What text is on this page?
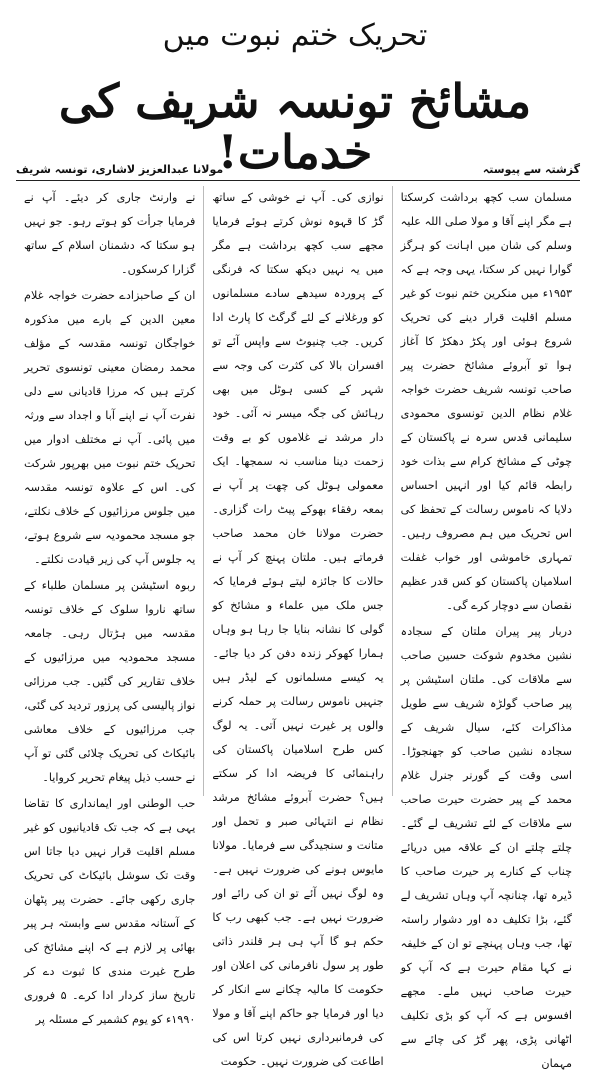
تحریک ختم نبوت میں
مشائخ تونسہ شریف کی خدمات!	گزشتہ سے پیوستہ
مولانا عبدالعزیز لاشاری، تونسہ شریف

مسلمان سب کچھ برداشت کرسکتا ہے مگر اپنے آقا و مولا صلی اللہ علیہ وسلم کی شان میں اہانت کو ہرگز گوارا نہیں کر سکتا، یہی وجہ ہے کہ ۱۹۵۳ء میں منکرین ختم نبوت کو غیر مسلم اقلیت قرار دینے کی تحریک شروع ہوئی اور پکڑ دھکڑ کا آغاز ہوا تو آبروئے مشائخ حضرت پیر صاحب تونسہ شریف حضرت خواجہ غلام نظام الدین تونسوی محمودی سلیمانی قدس سرہ نے پاکستان کے چوٹی کے مشائخ کرام سے بذات خود رابطہ قائم کیا اور انہیں احساس دلایا کہ ناموس رسالت کے تحفظ کی اس تحریک میں ہم مصروف رہیں۔ تمہاری خاموشی اور خواب غفلت اسلامیان پاکستان کو کس قدر عظیم نقصان سے دوچار کرے گی۔

دربار پیر پیران ملتان کے سجادہ نشین مخدوم شوکت حسین صاحب سے ملاقات کی۔ ملتان اسٹیشن پر پیر صاحب گولڑہ شریف سے طویل مذاکرات کئے، سیال شریف کے سجادہ نشین صاحب کو جھنجوڑا۔ اسی وقت کے گورنر جنرل غلام محمد کے پیر حضرت حیرت صاحب سے ملاقات کے لئے تشریف لے گئے۔ چلتے چلتے ان کے علاقہ میں دریائے چناب کے کنارے پر حیرت صاحب کا ڈیرہ تھا، چنانچہ آپ وہاں تشریف لے گئے، بڑا تکلیف دہ اور دشوار راستہ تھا، جب وہاں پہنچے تو ان کے خلیفہ نے کہا مقام حیرت ہے کہ آپ کو حیرت صاحب نہیں ملے۔ مجھے افسوس ہے کہ آپ کو بڑی تکلیف اٹھانی پڑی، پھر گڑ کی چائے سے مہمان

نوازی کی۔ آپ نے خوشی کے ساتھ گڑ کا قہوہ نوش کرتے ہوئے فرمایا مجھے سب کچھ برداشت ہے مگر میں یہ نہیں دیکھ سکتا کہ فرنگی کے پروردہ سیدھے سادے مسلمانوں کو ورغلانے کے لئے گرگٹ کا پارٹ ادا کریں۔ جب چنیوٹ سے واپس آئے تو افسران بالا کی کثرت کی وجہ سے شہر کے کسی ہوٹل میں بھی رہائش کی جگہ میسر نہ آئی۔ خود دار مرشد نے غلاموں کو بے وقت زحمت دینا مناسب نہ سمجھا۔ ایک معمولی ہوٹل کی چھت پر آپ نے بمعہ رفقاء بھوکے پیٹ رات گزاری۔ حضرت مولانا خان محمد صاحب فرماتے ہیں۔ ملتان پہنچ کر آپ نے حالات کا جائزہ لیتے ہوئے فرمایا کہ جس ملک میں علماء و مشائخ کو گولی کا نشانہ بنایا جا رہا ہو وہاں ہمارا کھوکر زندہ دفن کر دیا جائے۔ یہ کیسے مسلمانوں کے لیڈر ہیں جنہیں ناموس رسالت پر حملہ کرنے والوں پر غیرت نہیں آتی۔ یہ لوگ کس طرح اسلامیان پاکستان کی راہنمائی کا فریضہ ادا کر سکتے ہیں؟ حضرت آبروئے مشائخ مرشد نظام نے انتہائی صبر و تحمل اور متانت و سنجیدگی سے فرمایا۔ مولانا مایوس ہونے کی ضرورت نہیں ہے۔ وہ لوگ نہیں آئے تو ان کی رائے اور ضرورت نہیں ہے۔ جب کبھی رب کا حکم ہو گا آپ ہی ہر قلندر ذاتی طور پر سول نافرمانی کی اعلان اور حکومت کا مالیہ چکانے سے انکار کر دیا اور فرمایا جو حاکم اپنے آقا و مولا کی فرمانبرداری نہیں کرتا اس کی اطاعت کی ضرورت نہیں۔ حکومت

نے وارنٹ جاری کر دیئے۔ آپ نے فرمایا جرأت کو ہوتے رہو۔ جو نہیں ہو سکتا کہ دشمنان اسلام کے ساتھ گزارا کرسکوں۔

ان کے صاحبزادے حضرت خواجہ غلام معین الدین کے بارے میں مذکورہ خواجگان تونسہ مقدسہ کے مؤلف محمد رمضان معینی تونسوی تحریر کرتے ہیں کہ مرزا قادیانی سے دلی نفرت آپ نے اپنے آبا و اجداد سے ورثہ میں پائی۔ آپ نے مختلف ادوار میں تحریک ختم نبوت میں بھرپور شرکت کی۔ اس کے علاوہ تونسہ مقدسہ میں جلوس مرزائیوں کے خلاف نکلتے، جو مسجد محمودیہ سے شروع ہوتے، یہ جلوس آپ کی زیر قیادت نکلتے۔

ربوہ اسٹیشن پر مسلمان طلباء کے ساتھ ناروا سلوک کے خلاف تونسہ مقدسہ میں ہڑتال رہی۔ جامعہ مسجد محمودیہ میں مرزائیوں کے خلاف تقاریر کی گئیں۔ جب مرزائی نواز پالیسی کی پرزور تردید کی گئی، جب مرزائیوں کے خلاف معاشی بائیکاٹ کی تحریک چلائی گئی تو آپ نے حسب ذیل پیغام تحریر کروایا۔

حب الوطنی اور ایمانداری کا تقاضا یہی ہے کہ جب تک قادیانیوں کو غیر مسلم اقلیت قرار نہیں دیا جاتا اس وقت تک سوشل بائیکاٹ کی تحریک جاری رکھی جائے۔ حضرت پیر پٹھان کے آستانہ مقدس سے وابستہ ہر پیر بھائی پر لازم ہے کہ اپنے مشائخ کی طرح غیرت مندی کا ثبوت دے کر تاریخ ساز کردار ادا کرے۔ ۵ فروری ۱۹۹۰ء کو یوم کشمیر کے مسئلہ پر
